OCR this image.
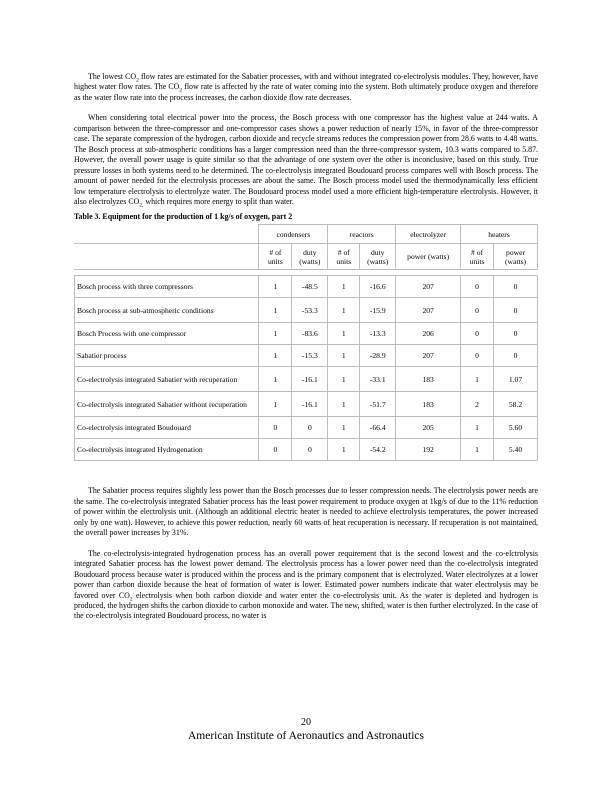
The lowest $CO_2$ flow rates are estimated for the Sabatier processes, with and without integrated co-electrolysis modules. They, however, have highest water flow rates. The $CO_2$ flow rate is affected by the rate of water coming into the system. Both ultimately produce oxygen and therefore as the water flow rate into the process increases, the carbon dioxide flow rate decreases.

When considering total electrical power into the process, the Bosch process with one compressor has the highest value at 244 watts. A comparison between the three-compressor and one-compressor cases shows a power reduction of nearly 15%, in favor of the three-compressor case. The separate compression of the hydrogen, carbon dioxide and recycle streams reduces the compression power from 28.6 watts to 4.48 watts. The Bosch process at sub-atmospheric conditions has a larger compression need than the three-compressor system, 10.3 watts compared to 5.87. However, the overall power usage is quite similar so that the advantage of one system over the other is inconclusive, based on this study. True pressure losses in both systems need to be determined. The co-electrolysis integrated Boudouard process compares well with Bosch process. The amount of power needed for the electrolysis processes are about the same. The Bosch process model used the thermodynamically less efficient low temperature electrolysis to electrolyze water. The Boudouard process model used a more efficient high-temperature electrolysis. However, it also electrolyzes $CO_{2,}$ which requires more energy to split than water.

Table 3. Equipment for the production of 1 kg/s of oxygen, part 2
	condensers		reactors		electrolyzer	heaters	
	# of units	duty (watts)	# of units	duty (watts)	power (watts)	# of units	power (watts)

Bosch process with three compressors	1	-48.5	1	-16.6	207	0	0
Bosch process at sub-atmospheric conditions	1	-53.3	1	-15.9	207	0	0
Bosch Process with one compressor	1	-83.6	1	-13.3	206	0	0
Sabatier process	1	-15.3	1	-28.9	207	0	0
Co-electrolysis integrated Sabatier with recuperation	1	-16.1	1	-33.1	183	1	1.07
Co-electrolysis integrated Sabatier without recuperation	1	-16.1	1	-51.7	183	2	58.2
Co-electrolysis integrated Boudouard	0	0	1	-66.4	205	1	5.60
Co-electrolysis integrated Hydrogenation	0	0	1	-54.2	192	1	5.40

The Sabatier process requires slightly less power than the Bosch processes due to lesser compression needs. The electrolysis power needs are the same. The co-electrolysis integrated Sabatier process has the least power requirement to produce oxygen at 1kg/s of due to the 11% reduction of power within the electrolysis unit. (Although an additional electric heater is needed to achieve electrolysis temperatures, the power increased only by one watt). However, to achieve this power reduction, nearly 60 watts of heat recuperation is necessary. If recuperation is not maintained, the overall power increases by 31%.

The co-electrolysis-integrated hydrogenation process has an overall power requirement that is the second lowest and the co-elctrolysis integrated Sabatier process has the lowest power demand. The electrolysis process has a lower power need than the co-electrolysis integrated Boudouard process because water is produced within the process and is the primary component that is electrolyzed. Water electrolyzes at a lower power than carbon dioxide because the heat of formation of water is lower. Estimated power numbers indicate that water electrolysis may be favored over $CO_2$ electrolysis when both carbon dioxide and water enter the co-electrolysis unit. As the water is depleted and hydrogen is produced, the hydrogen shifts the carbon dioxide to carbon monoxide and water. The new, shifted, water is then further electrolyzed. In the case of the co-electrolysis integrated Boudouard process, no water is

20
American Institute of Aeronautics and Astronautics
